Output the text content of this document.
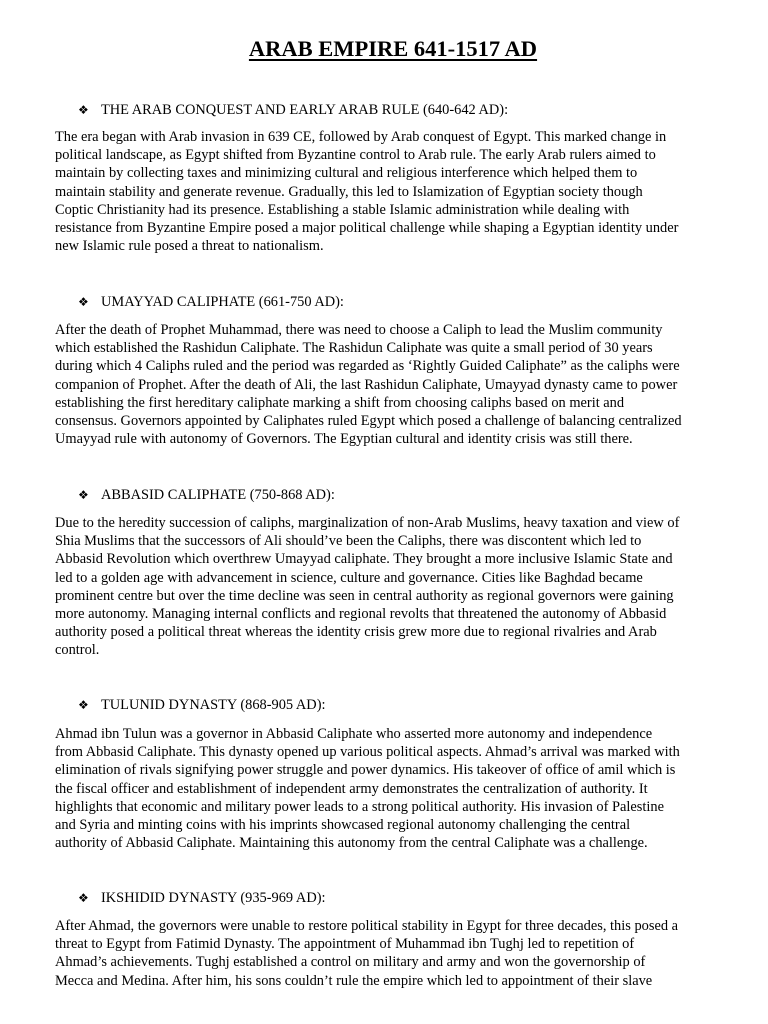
ARAB EMPIRE 641-1517 AD
❖ THE ARAB CONQUEST AND EARLY ARAB RULE (640-642 AD):
The era began with Arab invasion in 639 CE, followed by Arab conquest of Egypt. This marked change in
political landscape, as Egypt shifted from Byzantine control to Arab rule. The early Arab rulers aimed to
maintain by collecting taxes and minimizing cultural and religious interference which helped them to
maintain stability and generate revenue. Gradually, this led to Islamization of Egyptian society though
Coptic Christianity had its presence. Establishing a stable Islamic administration while dealing with
resistance from Byzantine Empire posed a major political challenge while shaping a Egyptian identity under
new Islamic rule posed a threat to nationalism.
❖ UMAYYAD CALIPHATE (661-750 AD):
After the death of Prophet Muhammad, there was need to choose a Caliph to lead the Muslim community
which established the Rashidun Caliphate. The Rashidun Caliphate was quite a small period of 30 years
during which 4 Caliphs ruled and the period was regarded as ‘Rightly Guided Caliphate” as the caliphs were
companion of Prophet. After the death of Ali, the last Rashidun Caliphate, Umayyad dynasty came to power
establishing the first hereditary caliphate marking a shift from choosing caliphs based on merit and
consensus. Governors appointed by Caliphates ruled Egypt which posed a challenge of balancing centralized
Umayyad rule with autonomy of Governors. The Egyptian cultural and identity crisis was still there.
❖ ABBASID CALIPHATE (750-868 AD):
Due to the heredity succession of caliphs, marginalization of non-Arab Muslims, heavy taxation and view of
Shia Muslims that the successors of Ali should’ve been the Caliphs, there was discontent which led to
Abbasid Revolution which overthrew Umayyad caliphate. They brought a more inclusive Islamic State and
led to a golden age with advancement in science, culture and governance. Cities like Baghdad became
prominent centre but over the time decline was seen in central authority as regional governors were gaining
more autonomy. Managing internal conflicts and regional revolts that threatened the autonomy of Abbasid
authority posed a political threat whereas the identity crisis grew more due to regional rivalries and Arab
control.
❖ TULUNID DYNASTY (868-905 AD):
Ahmad ibn Tulun was a governor in Abbasid Caliphate who asserted more autonomy and independence
from Abbasid Caliphate. This dynasty opened up various political aspects. Ahmad’s arrival was marked with
elimination of rivals signifying power struggle and power dynamics. His takeover of office of amil which is
the fiscal officer and establishment of independent army demonstrates the centralization of authority. It
highlights that economic and military power leads to a strong political authority. His invasion of Palestine
and Syria and minting coins with his imprints showcased regional autonomy challenging the central
authority of Abbasid Caliphate. Maintaining this autonomy from the central Caliphate was a challenge.
❖ IKSHIDID DYNASTY (935-969 AD):
After Ahmad, the governors were unable to restore political stability in Egypt for three decades, this posed a
threat to Egypt from Fatimid Dynasty. The appointment of Muhammad ibn Tughj led to repetition of
Ahmad’s achievements. Tughj established a control on military and army and won the governorship of
Mecca and Medina. After him, his sons couldn’t rule the empire which led to appointment of their slave
